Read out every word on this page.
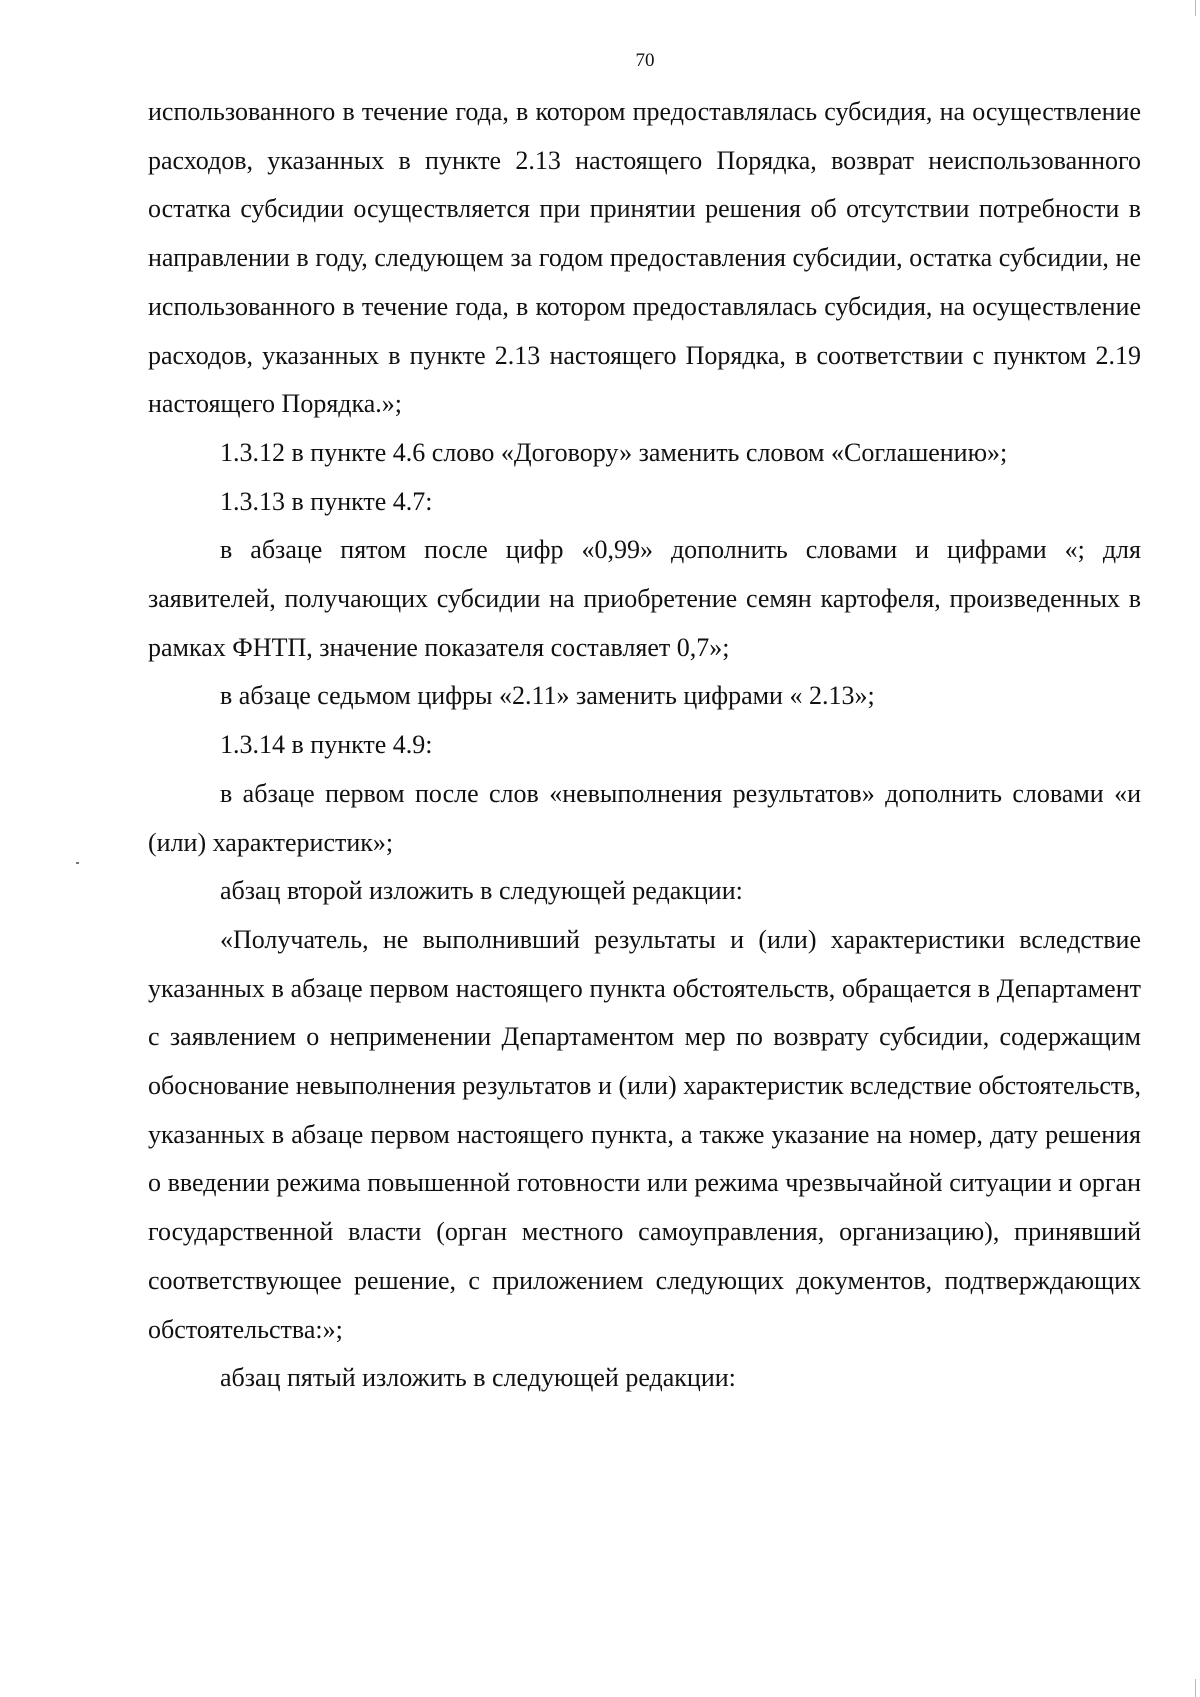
70

использованного в течение года, в котором предоставлялась субсидия, на осуществление расходов, указанных в пункте 2.13 настоящего Порядка, возврат неиспользованного остатка субсидии осуществляется при принятии решения об отсутствии потребности в направлении в году, следующем за годом предоставления субсидии, остатка субсидии, не использованного в течение года, в котором предоставлялась субсидия, на осуществление расходов, указанных в пункте 2.13 настоящего Порядка, в соответствии с пунктом 2.19 настоящего Порядка.»;

1.3.12 в пункте 4.6 слово «Договору» заменить словом «Соглашению»;

1.3.13 в пункте 4.7:

в абзаце пятом после цифр «0,99» дополнить словами и цифрами «; для заявителей, получающих субсидии на приобретение семян картофеля, произведенных в рамках ФНТП, значение показателя составляет 0,7»;

в абзаце седьмом цифры «2.11» заменить цифрами « 2.13»;

1.3.14 в пункте 4.9:

в абзаце первом после слов «невыполнения результатов» дополнить словами «и (или) характеристик»;

абзац второй изложить в следующей редакции:

«Получатель, не выполнивший результаты и (или) характеристики вследствие указанных в абзаце первом настоящего пункта обстоятельств, обращается в Департамент с заявлением о неприменении Департаментом мер по возврату субсидии, содержащим обоснование невыполнения результатов и (или) характеристик вследствие обстоятельств, указанных в абзаце первом настоящего пункта, а также указание на номер, дату решения о введении режима повышенной готовности или режима чрезвычайной ситуации и орган государственной власти (орган местного самоуправления, организацию), принявший соответствующее решение, с приложением следующих документов, подтверждающих обстоятельства:»;

абзац пятый изложить в следующей редакции:
